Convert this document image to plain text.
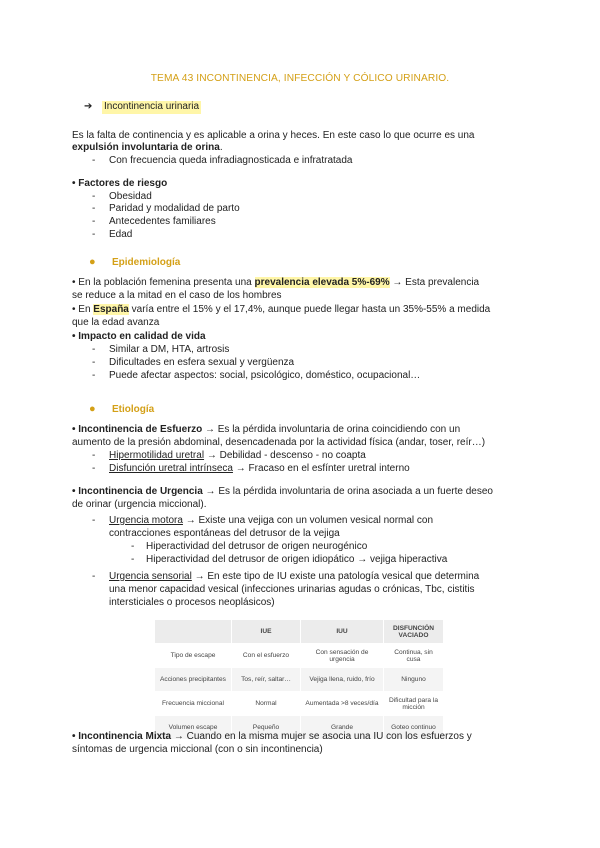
TEMA 43 INCONTINENCIA, INFECCIÓN Y CÓLICO URINARIO.
➔ Incontinencia urinaria
Es la falta de continencia y es aplicable a orina y heces. En este caso lo que ocurre es una
expulsión involuntaria de orina.
- Con frecuencia queda infradiagnosticada e infratratada
• Factores de riesgo
- Obesidad
- Paridad y modalidad de parto
- Antecedentes familiares
- Edad
● Epidemiología
• En la población femenina presenta una prevalencia elevada 5%-69% → Esta prevalencia
se reduce a la mitad en el caso de los hombres
• En España varía entre el 15% y el 17,4%, aunque puede llegar hasta un 35%-55% a medida
que la edad avanza
• Impacto en calidad de vida
- Similar a DM, HTA, artrosis
- Dificultades en esfera sexual y vergüenza
- Puede afectar aspectos: social, psicológico, doméstico, ocupacional…
● Etiología
• Incontinencia de Esfuerzo → Es la pérdida involuntaria de orina coincidiendo con un
aumento de la presión abdominal, desencadenada por la actividad física (andar, toser, reír…)
- Hipermotilidad uretral → Debilidad - descenso - no coapta
- Disfunción uretral intrínseca → Fracaso en el esfínter uretral interno
• Incontinencia de Urgencia → Es la pérdida involuntaria de orina asociada a un fuerte deseo
de orinar (urgencia miccional).
- Urgencia motora → Existe una vejiga con un volumen vesical normal con
contracciones espontáneas del detrusor de la vejiga
- Hiperactividad del detrusor de origen neurogénico
- Hiperactividad del detrusor de origen idiopático → vejiga hiperactiva
- Urgencia sensorial → En este tipo de IU existe una patología vesical que determina
una menor capacidad vesical (infecciones urinarias agudas o crónicas, Tbc, cistitis
intersticiales o procesos neoplásicos)
	IUE	IUU	DISFUNCIÓN VACIADO
Tipo de escape	Con el esfuerzo	Con sensación de urgencia	Continua, sin cusa
Acciones precipitantes	Tos, reír, saltar…	Vejiga llena, ruido, frío	Ninguno
Frecuencia miccional	Normal	Aumentada >8 veces/día	Dificultad para la micción
Volumen escape	Pequeño	Grande	Goteo continuo
• Incontinencia Mixta → Cuando en la misma mujer se asocia una IU con los esfuerzos y
síntomas de urgencia miccional (con o sin incontinencia)
